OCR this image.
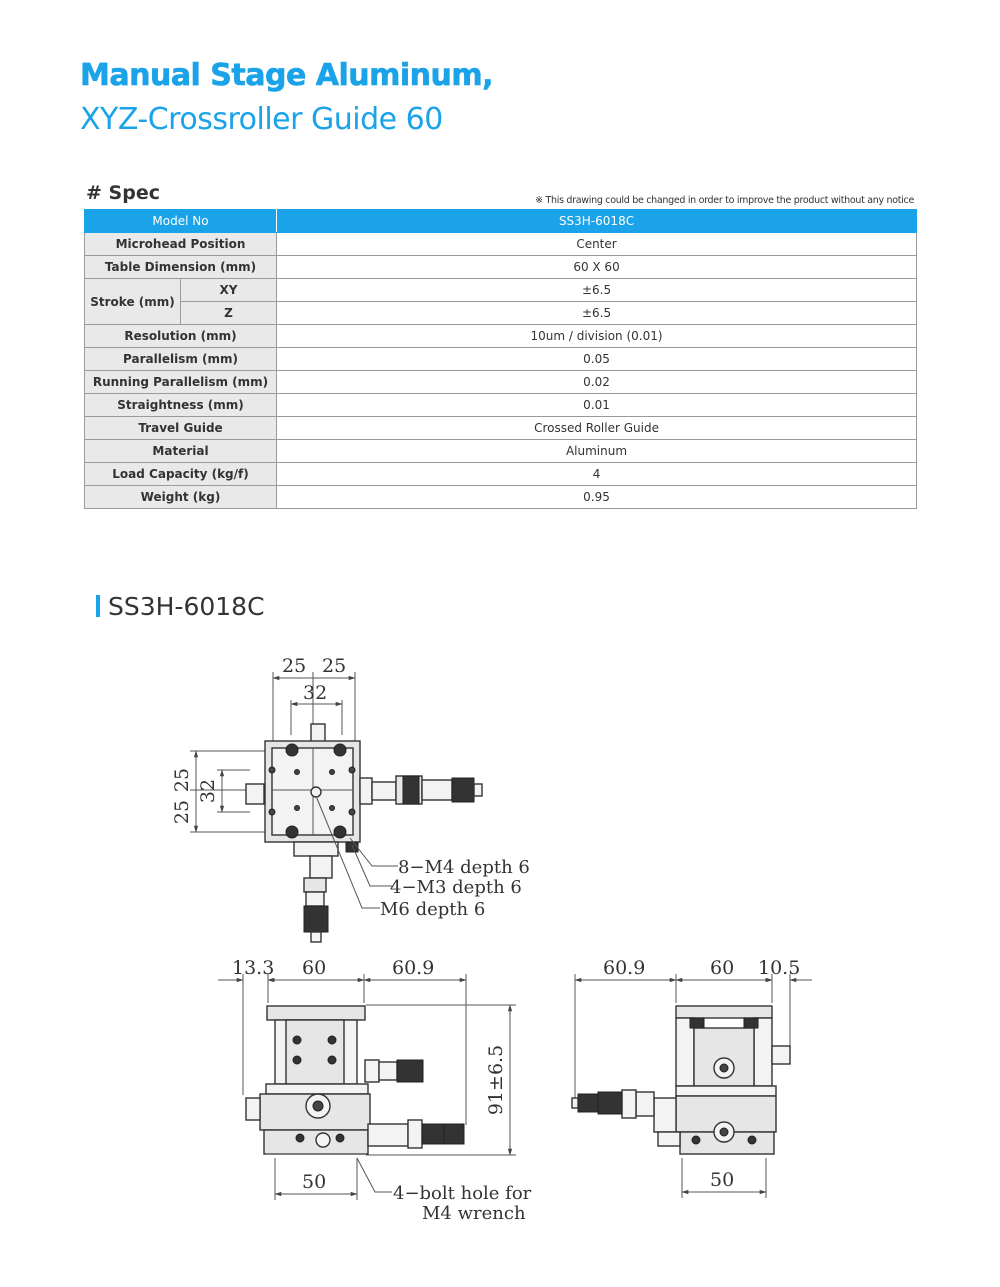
Manual Stage Aluminum,
XYZ-Crossroller Guide 60
# Spec	※ This drawing could be changed in order to improve the product without any notice
Model No		SS3H-6018C
Microhead Position		Center
Table Dimension (mm)		60 X 60
Stroke (mm)	XY	±6.5
	Z	±6.5
Resolution (mm)		10um / division (0.01)
Parallelism (mm)		0.05
Running Parallelism (mm)		0.02
Straightness (mm)		0.01
Travel Guide		Crossed Roller Guide
Material		Aluminum
Load Capacity (kg/f)		4
Weight (kg)		0.95
SS3H-6018C
25 25
32
25
25
32
8−M4 depth 6
4−M3 depth 6
M6 depth 6
13.3 60	60.9
91±6.5
50
4−bolt hole for
M4 wrench
60.9	60 10.5
50
